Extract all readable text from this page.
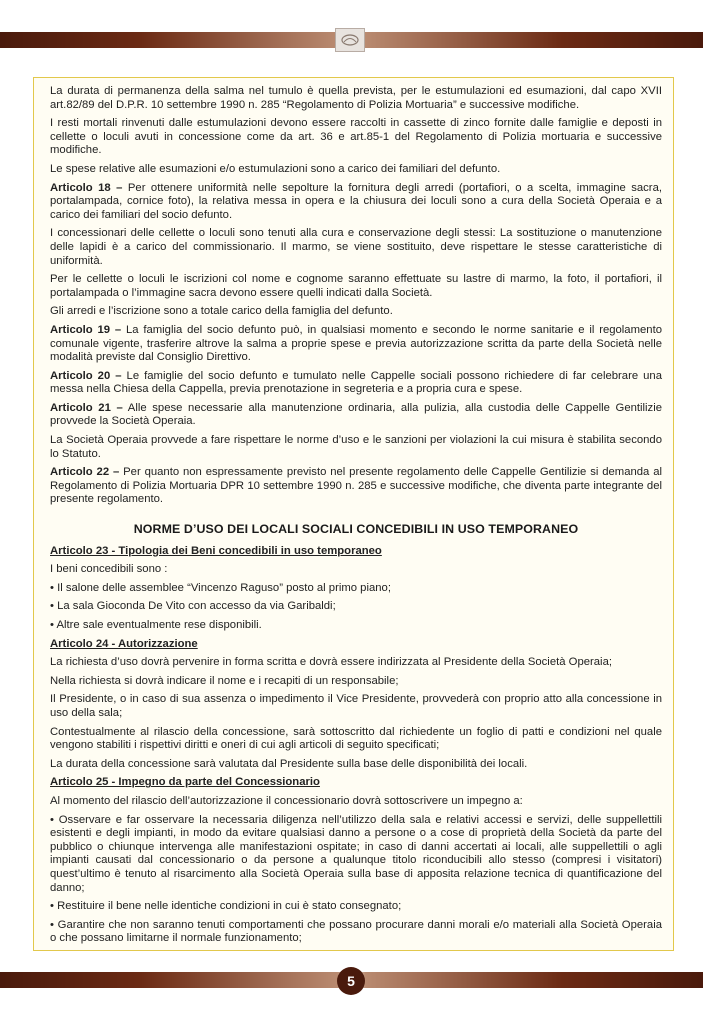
La durata di permanenza della salma nel tumulo è quella prevista, per le estumulazioni ed esumazioni, dal capo XVII art.82/89 del D.P.R. 10 settembre 1990 n. 285 “Regolamento di Polizia Mortuaria” e successive modifiche.

I resti mortali rinvenuti dalle estumulazioni devono essere raccolti in cassette di zinco fornite dalle famiglie e deposti in cellette o loculi avuti in concessione come da art. 36 e art.85-1 del Regolamento di Polizia mortuaria e successive modifiche.

Le spese relative alle esumazioni e/o estumulazioni sono a carico dei familiari del defunto.

Articolo 18 – Per ottenere uniformità nelle sepolture la fornitura degli arredi (portafiori, o a scelta, immagine sacra, portalampada, cornice foto), la relativa messa in opera e la chiusura dei loculi sono a cura della Società Operaia e a carico dei familiari del socio defunto.

I concessionari delle cellette o loculi sono tenuti alla cura e conservazione degli stessi: La sostituzione o manutenzione delle lapidi è a carico del commissionario. Il marmo, se viene sostituito, deve rispettare le stesse caratteristiche di uniformità.

Per le cellette o loculi le iscrizioni col nome e cognome saranno effettuate su lastre di marmo, la foto, il portafiori, il portalampada o l’immagine sacra devono essere quelli indicati dalla Società.

Gli arredi e l’iscrizione sono a totale carico della famiglia del defunto.

Articolo 19 – La famiglia del socio defunto può, in qualsiasi momento e secondo le norme sanitarie e il regolamento comunale vigente, trasferire altrove la salma a proprie spese e previa autorizzazione scritta da parte della Società nelle modalità previste dal Consiglio Direttivo.

Articolo 20 – Le famiglie del socio defunto e tumulato nelle Cappelle sociali possono richiedere di far celebrare una messa nella Chiesa della Cappella, previa prenotazione in segreteria e a propria cura e spese.

Articolo 21 – Alle spese necessarie alla manutenzione ordinaria, alla pulizia, alla custodia delle Cappelle Gentilizie provvede la Società Operaia.

La Società Operaia provvede a fare rispettare le norme d’uso e le sanzioni per violazioni la cui misura è stabilita secondo lo Statuto.

Articolo 22 – Per quanto non espressamente previsto nel presente regolamento delle Cappelle Gentilizie si demanda al Regolamento di Polizia Mortuaria DPR 10 settembre 1990 n. 285 e successive modifiche, che diventa parte integrante del presente regolamento.

NORME D’USO DEI LOCALI SOCIALI CONCEDIBILI IN USO TEMPORANEO

Articolo 23 - Tipologia dei Beni concedibili in uso temporaneo

I beni concedibili sono :

• Il salone delle assemblee “Vincenzo Raguso” posto al primo piano;

• La sala Gioconda De Vito con accesso da via Garibaldi;

• Altre sale eventualmente rese disponibili.

Articolo 24 - Autorizzazione

La richiesta d’uso dovrà pervenire in forma scritta e dovrà essere indirizzata al Presidente della Società Operaia;

Nella richiesta si dovrà indicare il nome e i recapiti di un responsabile;

Il Presidente, o in caso di sua assenza o impedimento il Vice Presidente, provvederà con proprio atto alla concessione in uso della sala;

Contestualmente al rilascio della concessione, sarà sottoscritto dal richiedente un foglio di patti e condizioni nel quale vengono stabiliti i rispettivi diritti e oneri di cui agli articoli di seguito specificati;

La durata della concessione sarà valutata dal Presidente sulla base delle disponibilità dei locali.

Articolo 25 - Impegno da parte del Concessionario

Al momento del rilascio dell’autorizzazione il concessionario dovrà sottoscrivere un impegno a:

• Osservare e far osservare la necessaria diligenza nell’utilizzo della sala e relativi accessi e servizi, delle suppellettili esistenti e degli impianti, in modo da evitare qualsiasi danno a persone o a cose di proprietà della Società da parte del pubblico o chiunque intervenga alle manifestazioni ospitate; in caso di danni accertati ai locali, alle suppellettili o agli impianti causati dal concessionario o da persone a qualunque titolo riconducibili allo stesso (compresi i visitatori) quest’ultimo è tenuto al risarcimento alla Società Operaia sulla base di apposita relazione tecnica di quantificazione del danno;

• Restituire il bene nelle identiche condizioni in cui è stato consegnato;

• Garantire che non saranno tenuti comportamenti che possano procurare danni morali e/o materiali alla Società Operaia o che possano limitarne il normale funzionamento;

5
